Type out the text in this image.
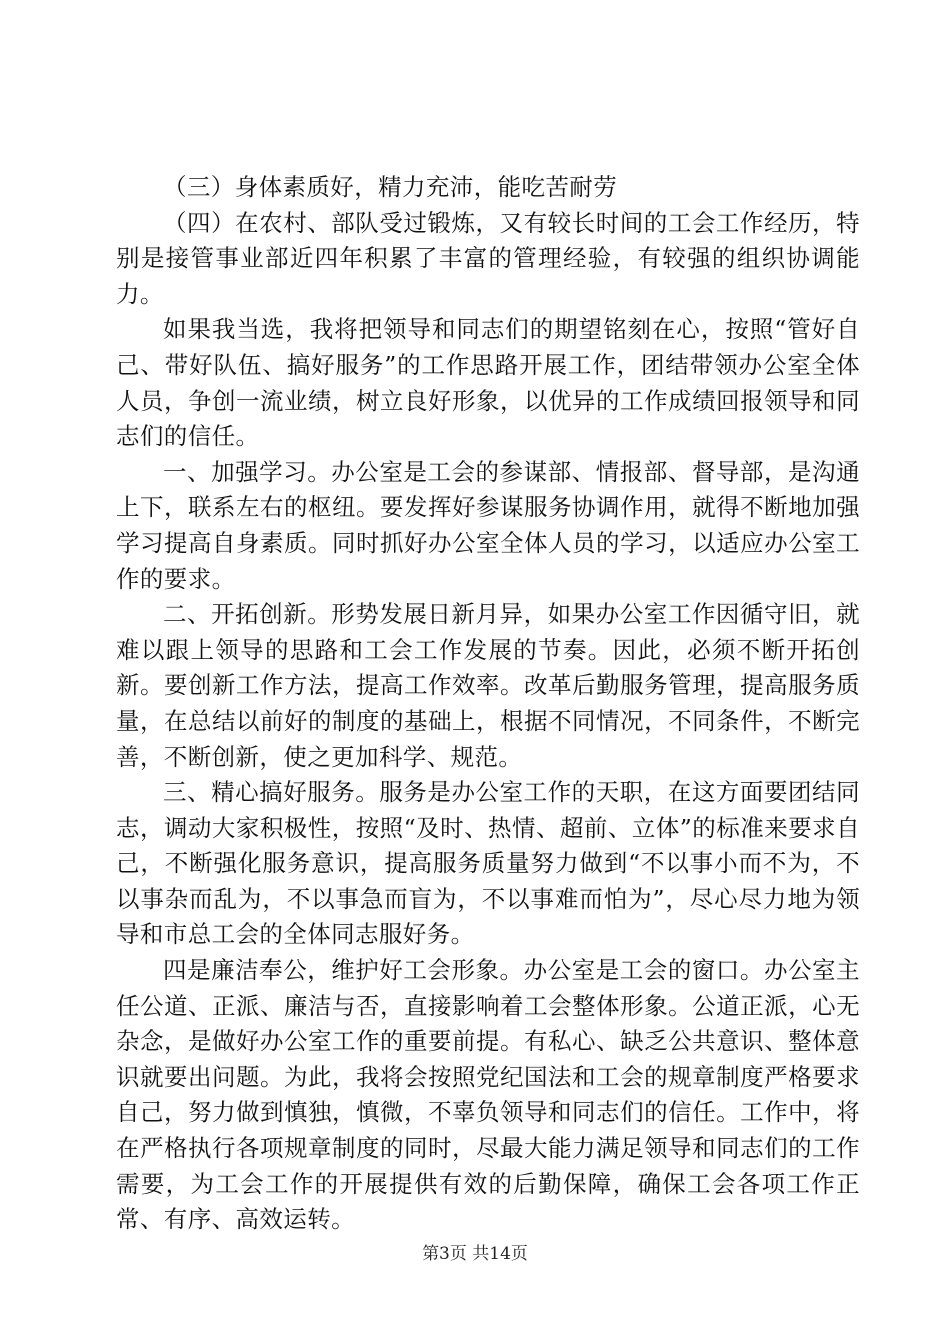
（三）身体素质好，精力充沛，能吃苦耐劳

（四）在农村、部队受过锻炼，又有较长时间的工会工作经历，特别是接管事业部近四年积累了丰富的管理经验，有较强的组织协调能力。

如果我当选，我将把领导和同志们的期望铭刻在心，按照“管好自己、带好队伍、搞好服务”的工作思路开展工作，团结带领办公室全体人员，争创一流业绩，树立良好形象，以优异的工作成绩回报领导和同志们的信任。

一、加强学习。办公室是工会的参谋部、情报部、督导部，是沟通上下，联系左右的枢纽。要发挥好参谋服务协调作用，就得不断地加强学习提高自身素质。同时抓好办公室全体人员的学习，以适应办公室工作的要求。

二、开拓创新。形势发展日新月异，如果办公室工作因循守旧，就难以跟上领导的思路和工会工作发展的节奏。因此，必须不断开拓创新。要创新工作方法，提高工作效率。改革后勤服务管理，提高服务质量，在总结以前好的制度的基础上，根据不同情况，不同条件，不断完善，不断创新，使之更加科学、规范。

三、精心搞好服务。服务是办公室工作的天职，在这方面要团结同志，调动大家积极性，按照“及时、热情、超前、立体”的标准来要求自己，不断强化服务意识，提高服务质量努力做到“不以事小而不为，不以事杂而乱为，不以事急而盲为，不以事难而怕为”，尽心尽力地为领导和市总工会的全体同志服好务。

四是廉洁奉公，维护好工会形象。办公室是工会的窗口。办公室主任公道、正派、廉洁与否，直接影响着工会整体形象。公道正派，心无杂念，是做好办公室工作的重要前提。有私心、缺乏公共意识、整体意识就要出问题。为此，我将会按照党纪国法和工会的规章制度严格要求自己，努力做到慎独，慎微，不辜负领导和同志们的信任。工作中，将在严格执行各项规章制度的同时，尽最大能力满足领导和同志们的工作需要，为工会工作的开展提供有效的后勤保障，确保工会各项工作正常、有序、高效运转。

第3页 共14页
